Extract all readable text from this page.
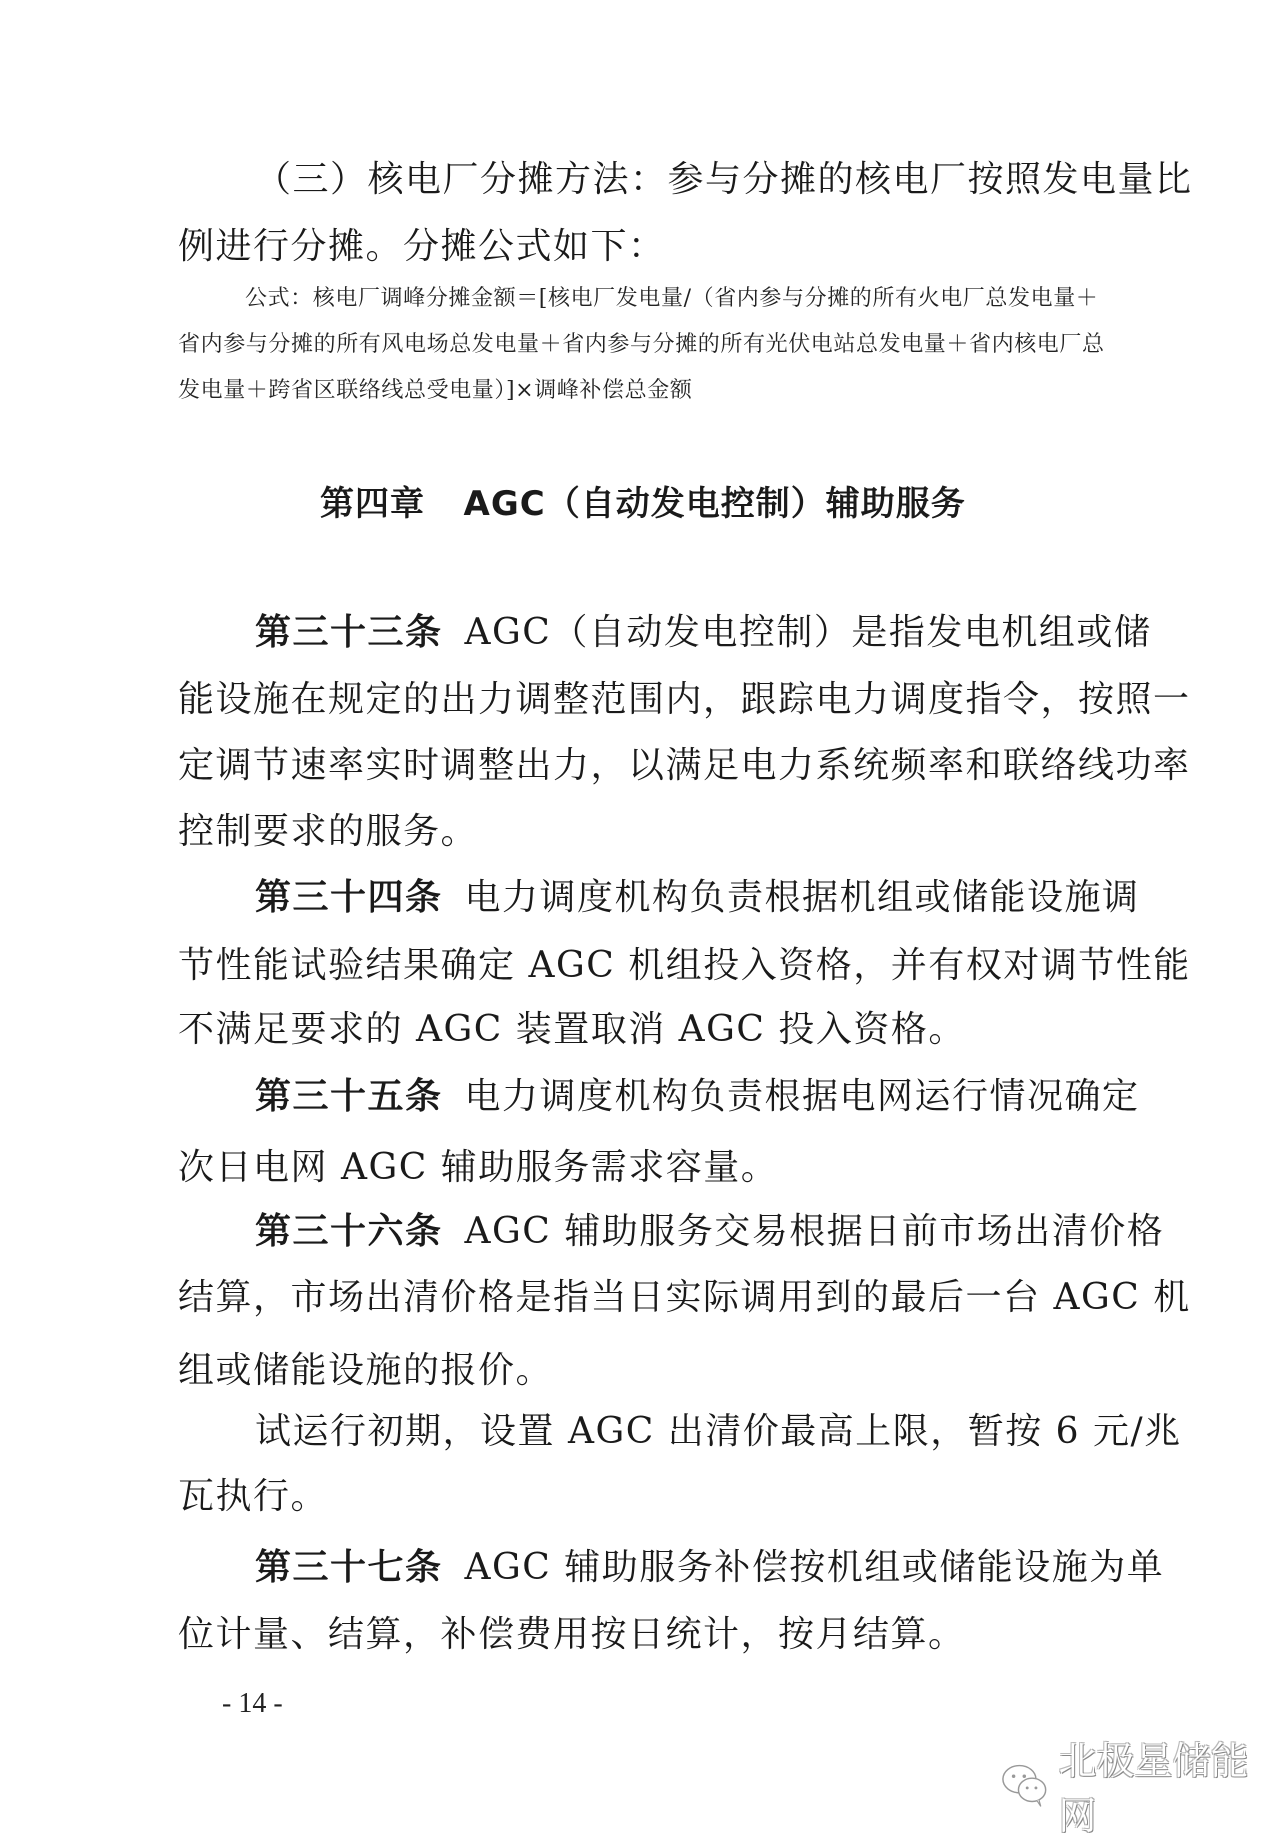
（三）核电厂分摊方法：参与分摊的核电厂按照发电量比
例进行分摊。分摊公式如下：
公式：核电厂调峰分摊金额＝[核电厂发电量/（省内参与分摊的所有火电厂总发电量＋
省内参与分摊的所有风电场总发电量＋省内参与分摊的所有光伏电站总发电量＋省内核电厂总
发电量＋跨省区联络线总受电量）]×调峰补偿总金额
第四章 AGC（自动发电控制）辅助服务
第三十三条 AGC（自动发电控制）是指发电机组或储
能设施在规定的出力调整范围内，跟踪电力调度指令，按照一
定调节速率实时调整出力，以满足电力系统频率和联络线功率
控制要求的服务。
第三十四条 电力调度机构负责根据机组或储能设施调
节性能试验结果确定 AGC 机组投入资格，并有权对调节性能
不满足要求的 AGC 装置取消 AGC 投入资格。
第三十五条 电力调度机构负责根据电网运行情况确定
次日电网 AGC 辅助服务需求容量。
第三十六条 AGC 辅助服务交易根据日前市场出清价格
结算，市场出清价格是指当日实际调用到的最后一台 AGC 机
组或储能设施的报价。
试运行初期，设置 AGC 出清价最高上限，暂按 6 元/兆
瓦执行。
第三十七条 AGC 辅助服务补偿按机组或储能设施为单
位计量、结算，补偿费用按日统计，按月结算。
- 14 -
北极星储能网
